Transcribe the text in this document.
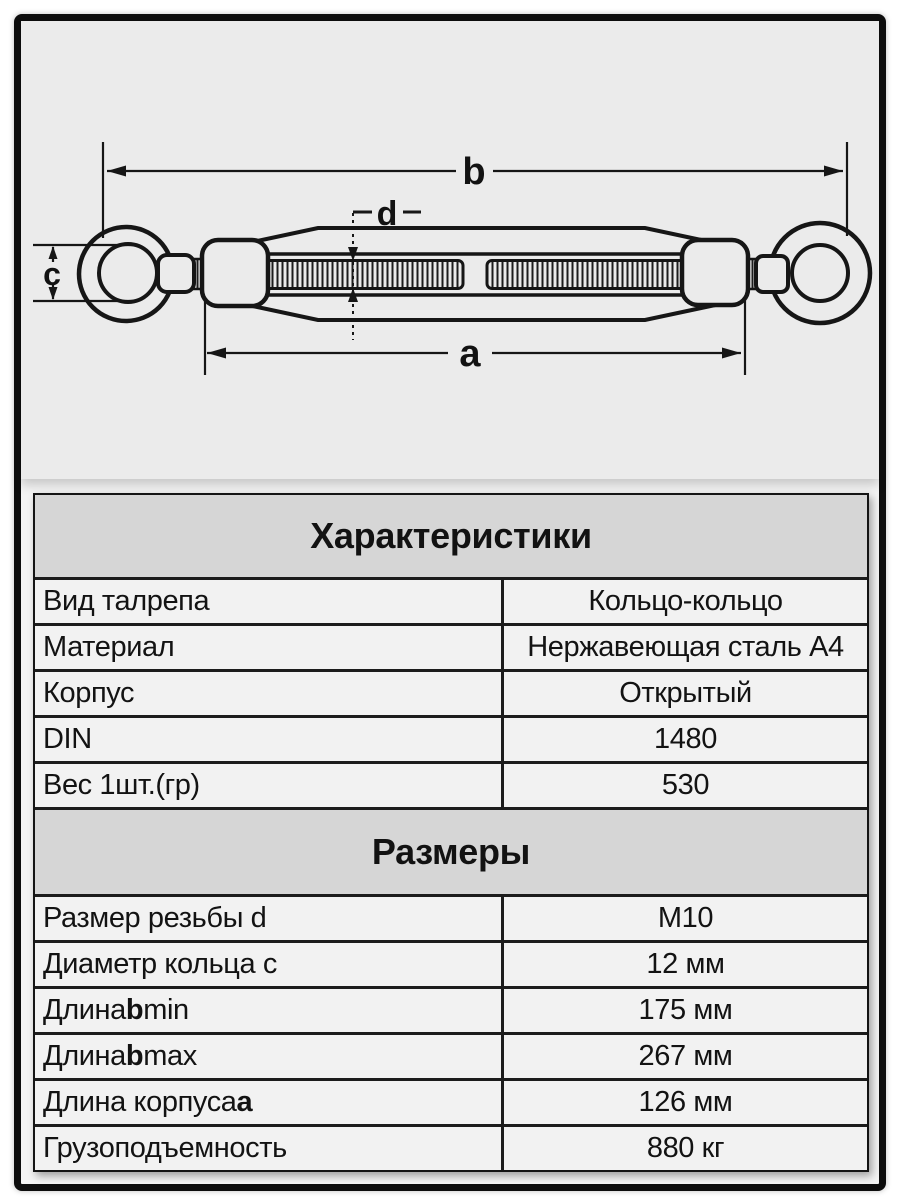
b
a
c
d
Характеристики
Вид талрепа	Кольцо-кольцо
Материал	Нержавеющая сталь А4
Корпус	Открытый
DIN	1480
Вес 1шт.(гр)	530
Размеры
Размер резьбы d	М10
Диаметр кольца c	12 мм
Длина b min	175 мм
Длина b max	267 мм
Длина корпуса a	126 мм
Грузоподъемность	880 кг
